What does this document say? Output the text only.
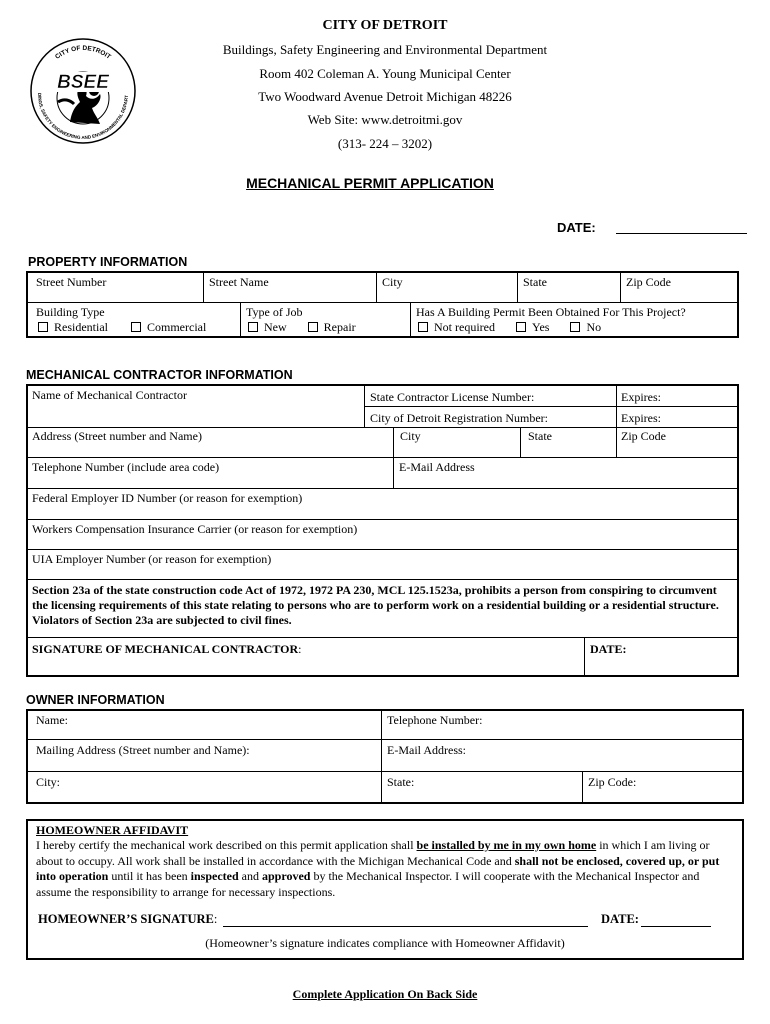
CITY OF DETROIT
DINGS, SAFETY ENGINEERING AND ENVIRONMENTAL DEPART
BSEE
CITY OF DETROIT
Buildings, Safety Engineering and Environmental Department
Room 402 Coleman A. Young Municipal Center
Two Woodward Avenue Detroit Michigan 48226
Web Site: www.detroitmi.gov
(313- 224 – 3202)
MECHANICAL PERMIT APPLICATION
DATE:
PROPERTY INFORMATION
Street Number	Street Name	City	State	Zip Code
Building Type
Residential	Commercial
Type of Job
New	Repair
Has A Building Permit Been Obtained For This Project?
Not required	Yes	No
MECHANICAL CONTRACTOR INFORMATION
Name of Mechanical Contractor	State Contractor License Number:	Expires:
City of Detroit Registration Number:	Expires:
Address (Street number and Name)	City	State	Zip Code
Telephone Number (include area code)	E-Mail Address
Federal Employer ID Number (or reason for exemption)
Workers Compensation Insurance Carrier (or reason for exemption)
UIA Employer Number (or reason for exemption)
Section 23a of the state construction code Act of 1972, 1972 PA 230, MCL 125.1523a, prohibits a person from conspiring to circumvent the licensing requirements of this state relating to persons who are to perform work on a residential building or a residential structure. Violators of Section 23a are subjected to civil fines.
SIGNATURE OF MECHANICAL CONTRACTOR:	DATE:
OWNER INFORMATION
Name:	Telephone Number:
Mailing Address (Street number and Name):	E-Mail Address:
City:	State:	Zip Code:
HOMEOWNER AFFIDAVIT
I hereby certify the mechanical work described on this permit application shall be installed by me in my own home in which I am living or about to occupy. All work shall be installed in accordance with the Michigan Mechanical Code and shall not be enclosed, covered up, or put into operation until it has been inspected and approved by the Mechanical Inspector. I will cooperate with the Mechanical Inspector and assume the responsibility to arrange for necessary inspections.
HOMEOWNER’S SIGNATURE:	DATE:
(Homeowner’s signature indicates compliance with Homeowner Affidavit)
Complete Application On Back Side
